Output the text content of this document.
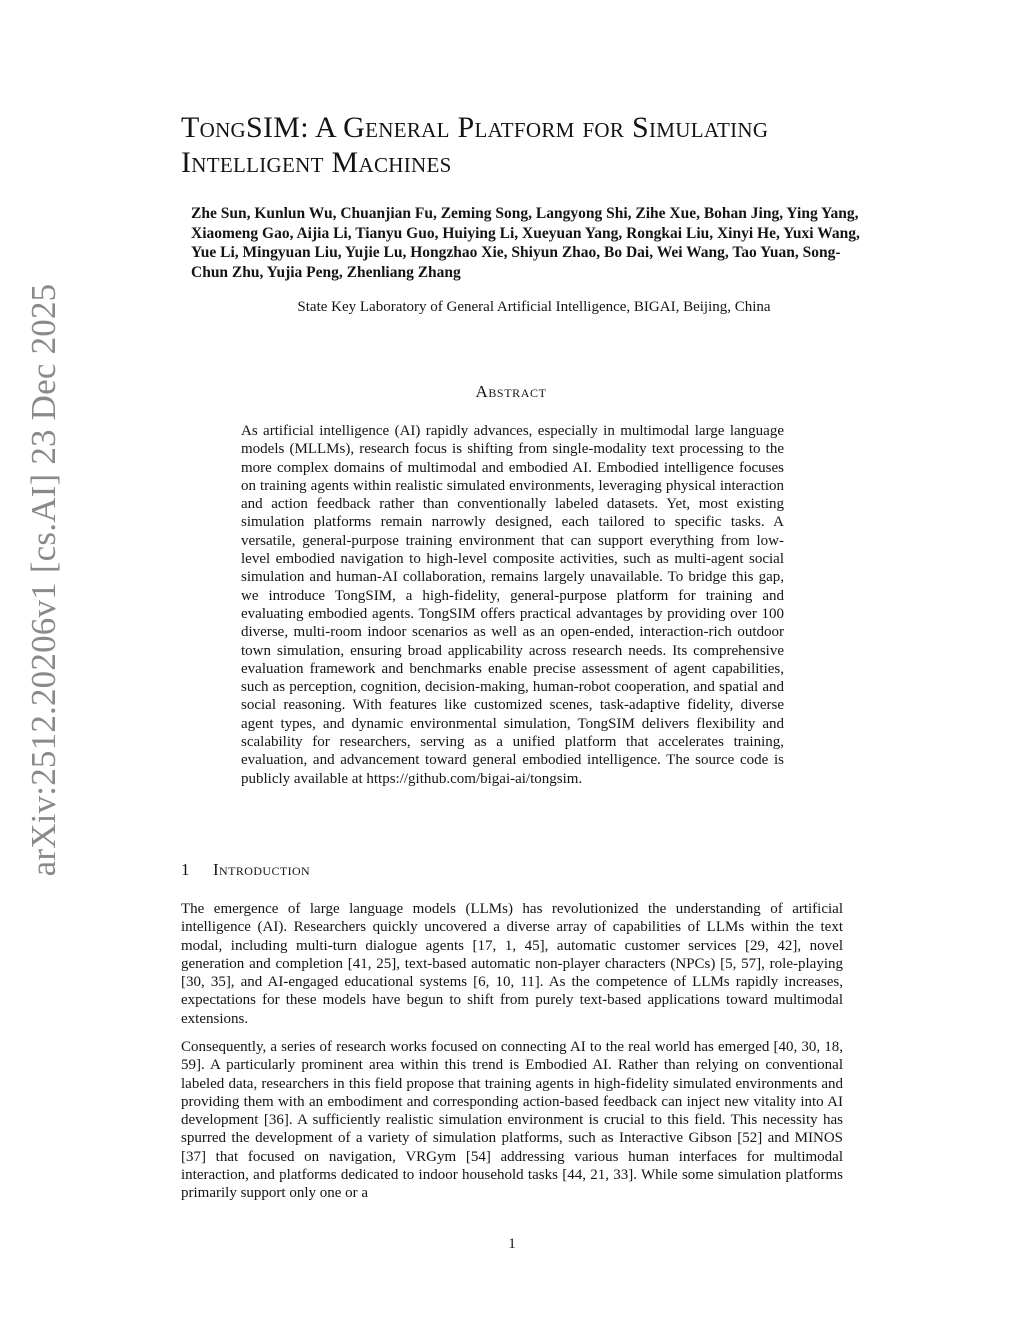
arXiv:2512.20206v1 [cs.AI] 23 Dec 2025
TongSIM: A General Platform for Simulating Intelligent Machines
Zhe Sun, Kunlun Wu, Chuanjian Fu, Zeming Song, Langyong Shi, Zihe Xue, Bohan Jing, Ying Yang, Xiaomeng Gao, Aijia Li, Tianyu Guo, Huiying Li, Xueyuan Yang, Rongkai Liu, Xinyi He, Yuxi Wang, Yue Li, Mingyuan Liu, Yujie Lu, Hongzhao Xie, Shiyun Zhao, Bo Dai, Wei Wang, Tao Yuan, Song-Chun Zhu, Yujia Peng, Zhenliang Zhang
State Key Laboratory of General Artificial Intelligence, BIGAI, Beijing, China
Abstract

As artificial intelligence (AI) rapidly advances, especially in multimodal large language models (MLLMs), research focus is shifting from single-modality text processing to the more complex domains of multimodal and embodied AI. Embodied intelligence focuses on training agents within realistic simulated environments, leveraging physical interaction and action feedback rather than conventionally labeled datasets. Yet, most existing simulation platforms remain narrowly designed, each tailored to specific tasks. A versatile, general-purpose training environment that can support everything from low-level embodied navigation to high-level composite activities, such as multi-agent social simulation and human-AI collaboration, remains largely unavailable. To bridge this gap, we introduce TongSIM, a high-fidelity, general-purpose platform for training and evaluating embodied agents. TongSIM offers practical advantages by providing over 100 diverse, multi-room indoor scenarios as well as an open-ended, interaction-rich outdoor town simulation, ensuring broad applicability across research needs. Its comprehensive evaluation framework and benchmarks enable precise assessment of agent capabilities, such as perception, cognition, decision-making, human-robot cooperation, and spatial and social reasoning. With features like customized scenes, task-adaptive fidelity, diverse agent types, and dynamic environmental simulation, TongSIM delivers flexibility and scalability for researchers, serving as a unified platform that accelerates training, evaluation, and advancement toward general embodied intelligence. The source code is publicly available at https://github.com/bigai-ai/tongsim.

1 Introduction

The emergence of large language models (LLMs) has revolutionized the understanding of artificial intelligence (AI). Researchers quickly uncovered a diverse array of capabilities of LLMs within the text modal, including multi-turn dialogue agents [17, 1, 45], automatic customer services [29, 42], novel generation and completion [41, 25], text-based automatic non-player characters (NPCs) [5, 57], role-playing [30, 35], and AI-engaged educational systems [6, 10, 11]. As the competence of LLMs rapidly increases, expectations for these models have begun to shift from purely text-based applications toward multimodal extensions.

Consequently, a series of research works focused on connecting AI to the real world has emerged [40, 30, 18, 59]. A particularly prominent area within this trend is Embodied AI. Rather than relying on conventional labeled data, researchers in this field propose that training agents in high-fidelity simulated environments and providing them with an embodiment and corresponding action-based feedback can inject new vitality into AI development [36]. A sufficiently realistic simulation environment is crucial to this field. This necessity has spurred the development of a variety of simulation platforms, such as Interactive Gibson [52] and MINOS [37] that focused on navigation, VRGym [54] addressing various human interfaces for multimodal interaction, and platforms dedicated to indoor household tasks [44, 21, 33]. While some simulation platforms primarily support only one or a

1
